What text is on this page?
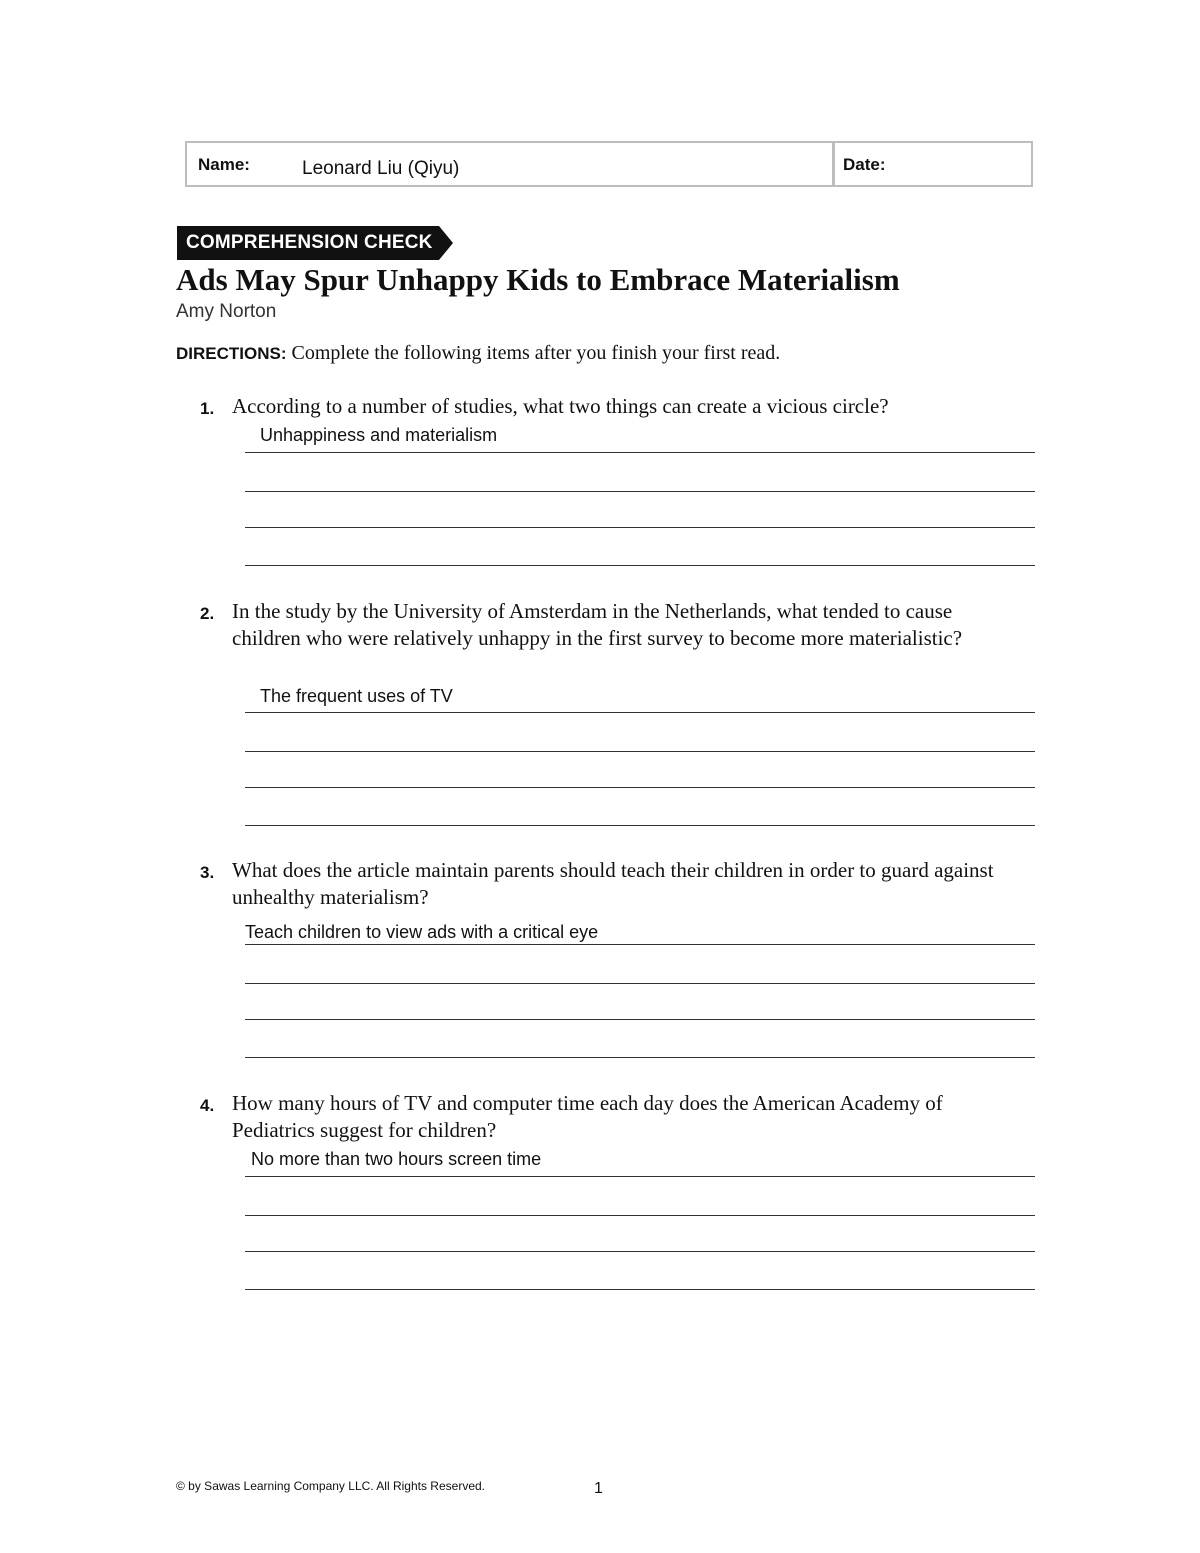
Name:	Leonard Liu (Qiyu)	Date:
COMPREHENSION CHECK
Ads May Spur Unhappy Kids to Embrace Materialism
Amy Norton
DIRECTIONS: Complete the following items after you finish your first read.
1. According to a number of studies, what two things can create a vicious circle?
Unhappiness and materialism
2. In the study by the University of Amsterdam in the Netherlands, what tended to cause children who were relatively unhappy in the first survey to become more materialistic?
The frequent uses of TV
3. What does the article maintain parents should teach their children in order to guard against unhealthy materialism?
Teach children to view ads with a critical eye
4. How many hours of TV and computer time each day does the American Academy of Pediatrics suggest for children?
No more than two hours screen time
© by Sawas Learning Company LLC. All Rights Reserved.	1
